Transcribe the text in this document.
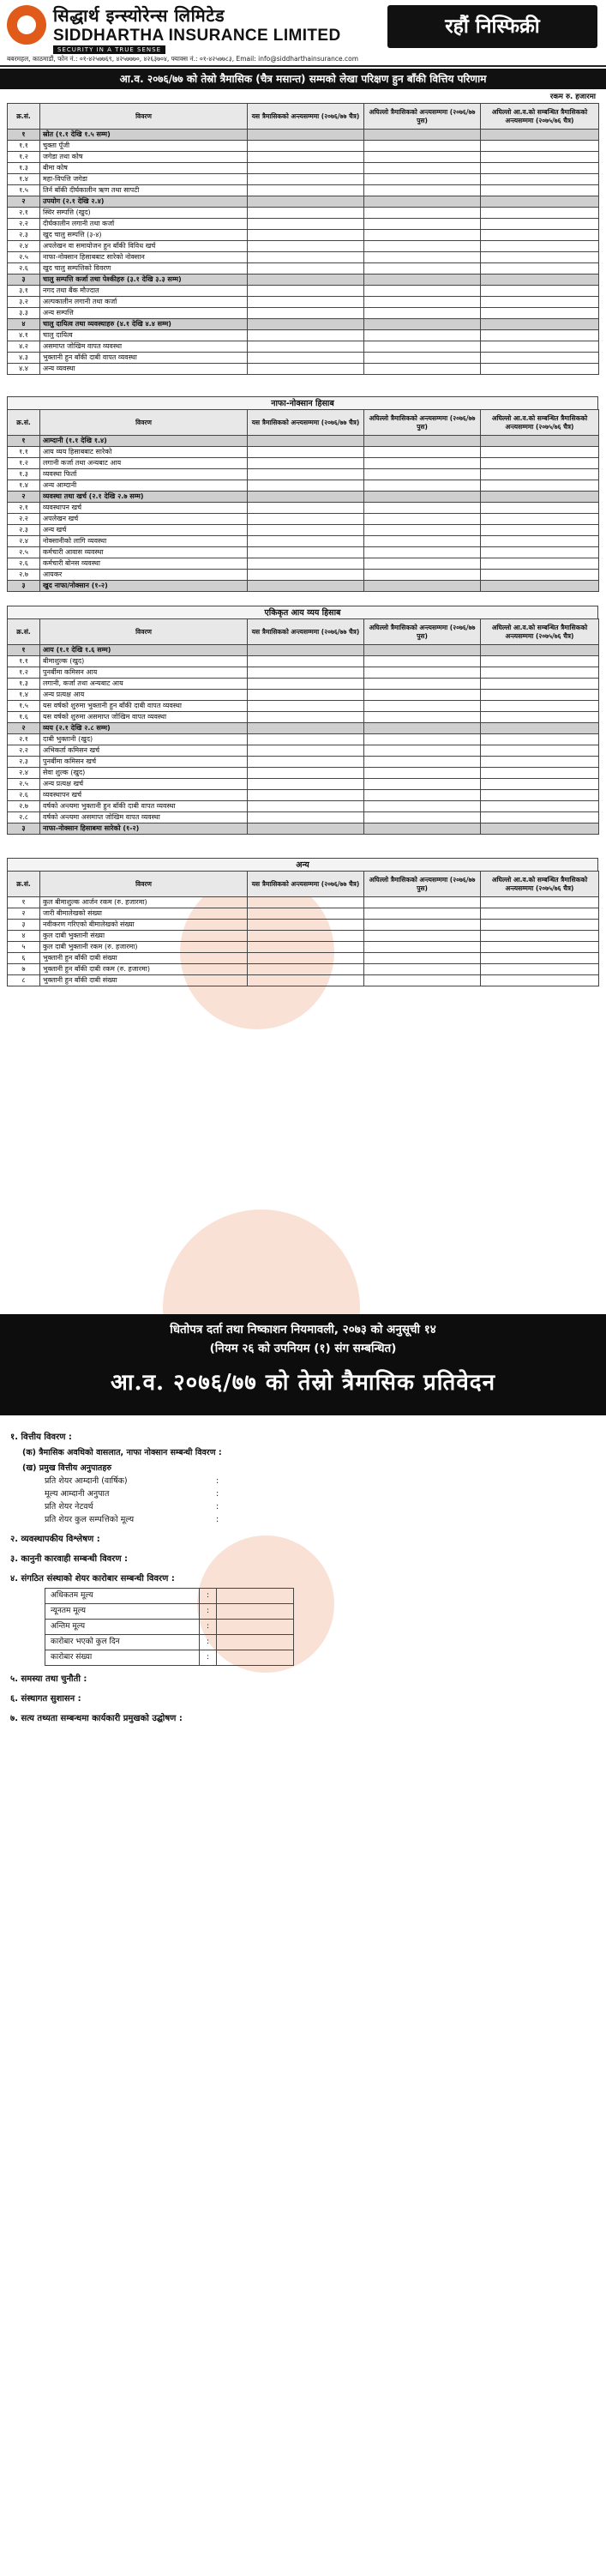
सिद्धार्थ इन्स्योरेन्स लिमिटेड
SIDDHARTHA INSURANCE LIMITED
SECURITY IN A TRUE SENSE
रहौं निस्फिक्री
बबरमहल, काठमाडौं, फोन नं.: ०१-४२५७७६९, ४२५७७७०, ४२६३७०४, फ्याक्स नं.: ०१-४२५७७८३, Email: info@siddharthainsurance.com
आ.व. २०७६/७७ को तेस्रो त्रैमासिक (चैत्र मसान्त) सम्मको लेखा परिक्षण हुन बाँकी वित्तिय परिणाम
रकम रु. हजारमा
क्र.सं.	विवरण	यस त्रैमासिकको अन्त्यसम्ममा (२०७६/७७ चैत्र)	अघिल्लो त्रैमासिकको अन्त्यसम्ममा (२०७६/७७ पुस)	अघिल्लो आ.व.को सम्बन्धित त्रैमासिकको अन्त्यसम्ममा (२०७५/७६ चैत्र)
१	स्रोत (१.१ देखि १.५ सम्म)			
१.१	चुक्ता पूँजी			
१.२	जगेडा तथा कोष			
१.३	बीमा कोष			
१.४	महा-विपत्ति जगेडा			
१.५	तिर्न बाँकी दीर्घकालीन ऋण तथा सापटी			
२	उपयोग (२.१ देखि २.४)			
२.१	स्थिर सम्पत्ति (खुद)			
२.२	दीर्घकालीन लगानी तथा कर्जा			
२.३	खुद चालु सम्पत्ति (३-४)			
२.४	अपलेखन वा समायोजन हुन बाँकी विविध खर्च			
२.५	नाफा-नोक्सान हिसाबबाट सारेको नोक्सान			
२.६	खुद चालु सम्पत्तिको विवरण			
३	चालु सम्पत्ति कर्जा तथा पेश्कीहरु (३.१ देखि ३.३ सम्म)			
३.१	नगद तथा बैंक मौज्दात			
३.२	अल्पकालीन लगानी तथा कर्जा			
३.३	अन्य सम्पत्ति			
४	चालु दायित्व तथा व्यवस्थाहरु (४.१ देखि ४.४ सम्म)			
४.१	चालु दायित्व			
४.२	असमाप्त जोखिम वापत व्यवस्था			
४.३	भुक्तानी हुन बाँकी दाबी वापत व्यवस्था			
४.४	अन्य व्यवस्था			
नाफा-नोक्सान हिसाब
क्र.सं.	विवरण	यस त्रैमासिकको अन्त्यसम्ममा (२०७६/७७ चैत्र)	अघिल्लो त्रैमासिकको अन्त्यसम्ममा (२०७६/७७ पुस)	अघिल्लो आ.व.को सम्बन्धित त्रैमासिकको अन्त्यसम्ममा (२०७५/७६ चैत्र)
१	आम्दानी (१.१ देखि १.४)			
१.१	आय व्यय हिसाबबाट सारेको			
१.२	लगानी कर्जा तथा अन्यबाट आय			
१.३	व्यवस्था फिर्ता			
१.४	अन्य आम्दानी			
२	व्यवस्था तथा खर्च (२.१ देखि २.७ सम्म)			
२.१	व्यवस्थापन खर्च			
२.२	अपलेखन खर्च			
२.३	अन्य खर्च			
२.४	नोक्सानीको लागि व्यवस्था			
२.५	कर्मचारी आवास व्यवस्था			
२.६	कर्मचारी बोनस व्यवस्था			
२.७	आयकर			
३	खुद नाफा/नोक्सान (१-२)			
एकिकृत आय व्यय हिसाब
क्र.सं.	विवरण	यस त्रैमासिकको अन्त्यसम्ममा (२०७६/७७ चैत्र)	अघिल्लो त्रैमासिकको अन्त्यसम्ममा (२०७६/७७ पुस)	अघिल्लो आ.व.को सम्बन्धित त्रैमासिकको अन्त्यसम्ममा (२०७५/७६ चैत्र)
१	आय (१.१ देखि १.६ सम्म)			
१.१	बीमाशुल्क (खुद)			
१.२	पुनर्बीमा कमिसन आय			
१.३	लगानी, कर्जा तथा अन्यबाट आय			
१.४	अन्य प्रत्यक्ष आय			
१.५	यस वर्षको शुरुमा भुक्तानी हुन बाँकी दाबी वापत व्यवस्था			
१.६	यस वर्षको शुरुमा असमाप्त जोखिम वापत व्यवस्था			
२	व्यय (२.१ देखि २.८ सम्म)			
२.१	दाबी भुक्तानी (खुद)			
२.२	अभिकर्ता कमिसन खर्च			
२.३	पुनर्बीमा कमिसन खर्च			
२.४	सेवा शुल्क (खुद)			
२.५	अन्य प्रत्यक्ष खर्च			
२.६	व्यवस्थापन खर्च			
२.७	वर्षको अन्त्यमा भुक्तानी हुन बाँकी दाबी वापत व्यवस्था			
२.८	वर्षको अन्त्यमा असमाप्त जोखिम वापत व्यवस्था			
३	नाफा-नोक्सान हिसाबमा सारेको (१-२)			
अन्य
क्र.सं.	विवरण	यस त्रैमासिकको अन्त्यसम्ममा (२०७६/७७ चैत्र)	अघिल्लो त्रैमासिकको अन्त्यसम्ममा (२०७६/७७ पुस)	अघिल्लो आ.व.को सम्बन्धित त्रैमासिकको अन्त्यसम्ममा (२०७५/७६ चैत्र)
१	कुल बीमाशुल्क आर्जन रकम (रु. हजारमा)			
२	जारी बीमालेखको संख्या			
३	नवीकरण गरिएको बीमालेखको संख्या			
४	कुल दाबी भुक्तानी संख्या			
५	कुल दाबी भुक्तानी रकम (रु. हजारमा)			
६	भुक्तानी हुन बाँकी दाबी संख्या			
७	भुक्तानी हुन बाँकी दाबी रकम (रु. हजारमा)			
८	भुक्तानी हुन बाँकी दाबी संख्या			
धितोपत्र दर्ता तथा निष्काशन नियमावली, २०७३ को अनुसूची १४
(नियम २६ को उपनियम (१) संग सम्बन्धित)
आ.व. २०७६/७७ को तेस्रो त्रैमासिक प्रतिवेदन
१. वित्तीय विवरण :
(क) त्रैमासिक अवधिको वासलात, नाफा नोक्सान सम्बन्धी विवरण :

(ख) प्रमुख वित्तीय अनुपातहरु
प्रति शेयर आम्दानी (वार्षिक)	:
मूल्य आम्दानी अनुपात	:
प्रति शेयर नेटवर्थ	:
प्रति शेयर कुल सम्पत्तिको मूल्य	:
२. व्यवस्थापकीय विश्लेषण :

३. कानुनी कारवाही सम्बन्धी विवरण :

४. संगठित संस्थाको शेयर कारोबार सम्बन्धी विवरण :

अधिकतम मूल्य	:	
न्यूनतम मूल्य	:	
अन्तिम मूल्य	:	
कारोबार भएको कुल दिन	:	
कारोबार संख्या	:	
५. समस्या तथा चुनौती :

६. संस्थागत सुशासन :

७. सत्य तथ्यता सम्बन्धमा कार्यकारी प्रमुखको उद्घोषण :
